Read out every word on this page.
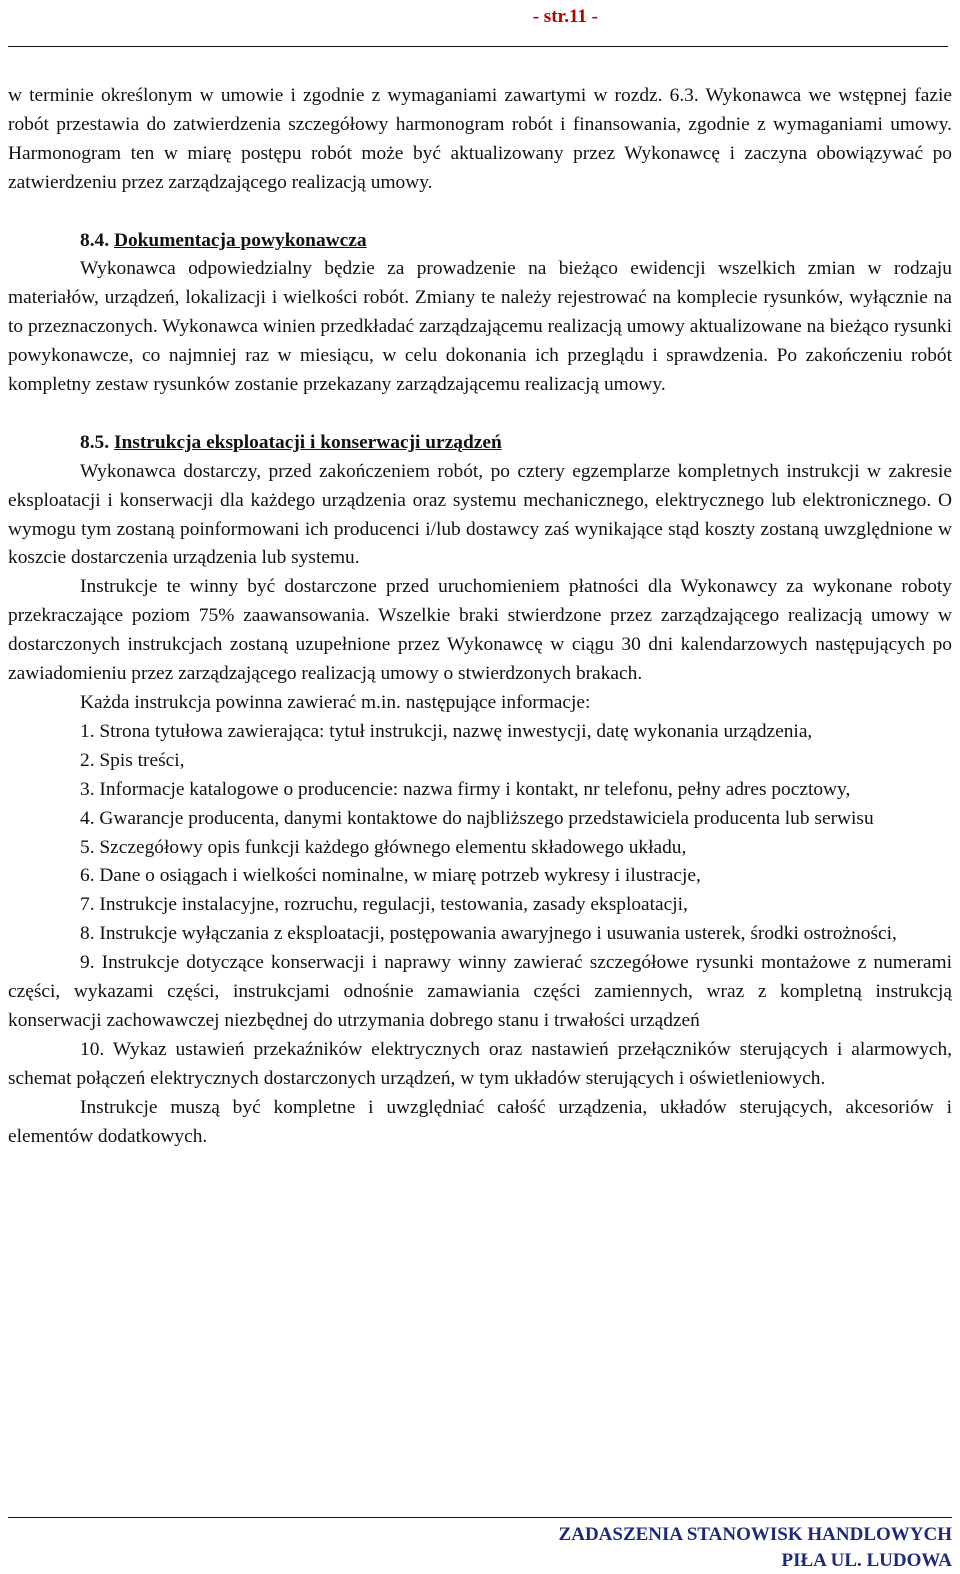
- str.11 -

w terminie określonym w umowie i zgodnie z wymaganiami zawartymi w rozdz. 6.3. Wykonawca we wstępnej fazie robót przestawia do zatwierdzenia szczegółowy harmonogram robót i finansowania, zgodnie z wymaganiami umowy. Harmonogram ten w miarę postępu robót może być aktualizowany przez Wykonawcę i zaczyna obowiązywać po zatwierdzeniu przez zarządzającego realizacją umowy.

8.4. Dokumentacja powykonawcza

Wykonawca odpowiedzialny będzie za prowadzenie na bieżąco ewidencji wszelkich zmian w rodzaju materiałów, urządzeń, lokalizacji i wielkości robót. Zmiany te należy rejestrować na komplecie rysunków, wyłącznie na to przeznaczonych. Wykonawca winien przedkładać zarządzającemu realizacją umowy aktualizowane na bieżąco rysunki powykonawcze, co najmniej raz w miesiącu, w celu dokonania ich przeglądu i sprawdzenia. Po zakończeniu robót kompletny zestaw rysunków zostanie przekazany zarządzającemu realizacją umowy.

8.5. Instrukcja eksploatacji i konserwacji urządzeń

Wykonawca dostarczy, przed zakończeniem robót, po cztery egzemplarze kompletnych instrukcji w zakresie eksploatacji i konserwacji dla każdego urządzenia oraz systemu mechanicznego, elektrycznego lub elektronicznego. O wymogu tym zostaną poinformowani ich producenci i/lub dostawcy zaś wynikające stąd koszty zostaną uwzględnione w koszcie dostarczenia urządzenia lub systemu.

Instrukcje te winny być dostarczone przed uruchomieniem płatności dla Wykonawcy za wykonane roboty przekraczające poziom 75% zaawansowania. Wszelkie braki stwierdzone przez zarządzającego realizacją umowy w dostarczonych instrukcjach zostaną uzupełnione przez Wykonawcę w ciągu 30 dni kalendarzowych następujących po zawiadomieniu przez zarządzającego realizacją umowy o stwierdzonych brakach.

Każda instrukcja powinna zawierać m.in. następujące informacje:

1. Strona tytułowa zawierająca: tytuł instrukcji, nazwę inwestycji, datę wykonania urządzenia,

2. Spis treści,

3. Informacje katalogowe o producencie: nazwa firmy i kontakt, nr telefonu, pełny adres pocztowy,

4. Gwarancje producenta, danymi kontaktowe do najbliższego przedstawiciela producenta lub serwisu

5. Szczegółowy opis funkcji każdego głównego elementu składowego układu,

6. Dane o osiągach i wielkości nominalne, w miarę potrzeb wykresy i ilustracje,

7. Instrukcje instalacyjne, rozruchu, regulacji, testowania, zasady eksploatacji,

8. Instrukcje wyłączania z eksploatacji, postępowania awaryjnego i usuwania usterek, środki ostrożności,

9. Instrukcje dotyczące konserwacji i naprawy winny zawierać szczegółowe rysunki montażowe z numerami części, wykazami części, instrukcjami odnośnie zamawiania części zamiennych, wraz z kompletną instrukcją konserwacji zachowawczej niezbędnej do utrzymania dobrego stanu i trwałości urządzeń

10. Wykaz ustawień przekaźników elektrycznych oraz nastawień przełączników sterujących i alarmowych, schemat połączeń elektrycznych dostarczonych urządzeń, w tym układów sterujących i oświetleniowych.

Instrukcje muszą być kompletne i uwzględniać całość urządzenia, układów sterujących, akcesoriów i elementów dodatkowych.

ZADASZENIA STANOWISK HANDLOWYCH
PIŁA UL. LUDOWA
